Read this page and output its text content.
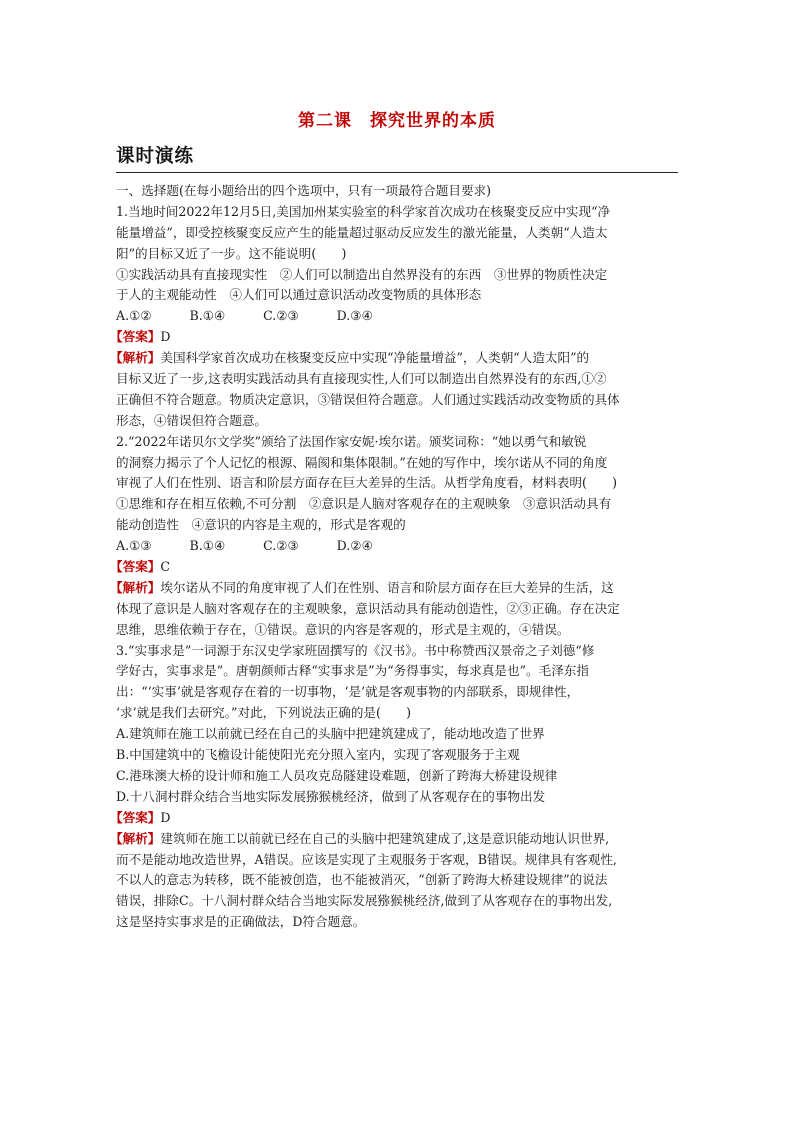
第二课　探究世界的本质
课时演练
一、选择题(在每小题给出的四个选项中，只有一项最符合题目要求)
1.当地时间2022年12月5日,美国加州某实验室的科学家首次成功在核聚变反应中实现“净
能量增益”，即受控核聚变反应产生的能量超过驱动反应发生的激光能量，人类朝“人造太
阳”的目标又近了一步。这不能说明(　　)
①实践活动具有直接现实性　②人们可以制造出自然界没有的东西　③世界的物质性决定
于人的主观能动性　④人们可以通过意识活动改变物质的具体形态
A.①②　　　B.①④　　　C.②③　　　D.③④
【答案】D
【解析】美国科学家首次成功在核聚变反应中实现“净能量增益”，人类朝“人造太阳”的
目标又近了一步,这表明实践活动具有直接现实性,人们可以制造出自然界没有的东西,①②
正确但不符合题意。物质决定意识，③错误但符合题意。人们通过实践活动改变物质的具体
形态，④错误但符合题意。
2.“2022年诺贝尔文学奖”颁给了法国作家安妮·埃尔诺。颁奖词称：“她以勇气和敏锐
的洞察力揭示了个人记忆的根源、隔阂和集体限制。”在她的写作中，埃尔诺从不同的角度
审视了人们在性别、语言和阶层方面存在巨大差异的生活。从哲学角度看，材料表明(　　)
①思维和存在相互依赖,不可分割　②意识是人脑对客观存在的主观映象　③意识活动具有
能动创造性　④意识的内容是主观的，形式是客观的
A.①③　　　B.①④　　　C.②③　　　D.②④
【答案】C
【解析】埃尔诺从不同的角度审视了人们在性别、语言和阶层方面存在巨大差异的生活，这
体现了意识是人脑对客观存在的主观映象，意识活动具有能动创造性，②③正确。存在决定
思维，思维依赖于存在，①错误。意识的内容是客观的，形式是主观的，④错误。
3.“实事求是”一词源于东汉史学家班固撰写的《汉书》。书中称赞西汉景帝之子刘德“修
学好古，实事求是”。唐朝颜师古释“实事求是”为“务得事实，每求真是也”。毛泽东指
出：“‘实事’就是客观存在着的一切事物，‘是’就是客观事物的内部联系，即规律性，
‘求’就是我们去研究。”对此，下列说法正确的是(　　)
A.建筑师在施工以前就已经在自己的头脑中把建筑建成了，能动地改造了世界
B.中国建筑中的飞檐设计能使阳光充分照入室内，实现了客观服务于主观
C.港珠澳大桥的设计师和施工人员攻克岛隧建设难题，创新了跨海大桥建设规律
D.十八洞村群众结合当地实际发展猕猴桃经济，做到了从客观存在的事物出发
【答案】D
【解析】建筑师在施工以前就已经在自己的头脑中把建筑建成了,这是意识能动地认识世界,
而不是能动地改造世界，A错误。应该是实现了主观服务于客观，B错误。规律具有客观性,
不以人的意志为转移，既不能被创造，也不能被消灭，“创新了跨海大桥建设规律”的说法
错误，排除C。十八洞村群众结合当地实际发展猕猴桃经济,做到了从客观存在的事物出发,
这是坚持实事求是的正确做法，D符合题意。
